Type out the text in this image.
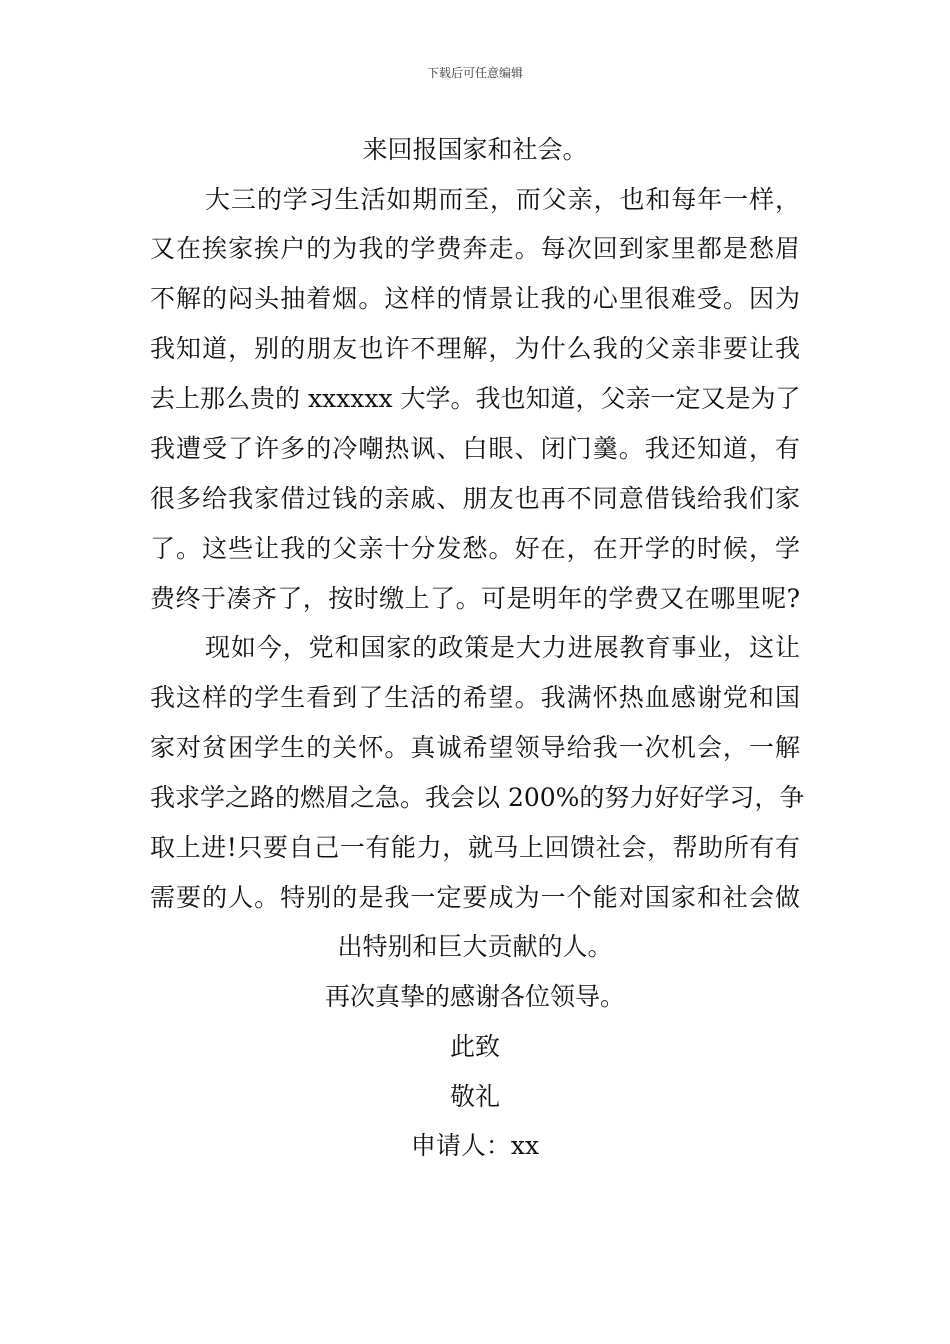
下载后可任意编辑
来回报国家和社会。
大三的学习生活如期而至，而父亲，也和每年一样，
又在挨家挨户的为我的学费奔走。每次回到家里都是愁眉
不解的闷头抽着烟。这样的情景让我的心里很难受。因为
我知道，别的朋友也许不理解，为什么我的父亲非要让我
去上那么贵的 xxxxxx 大学。我也知道，父亲一定又是为了
我遭受了许多的冷嘲热讽、白眼、闭门羹。我还知道，有
很多给我家借过钱的亲戚、朋友也再不同意借钱给我们家
了。这些让我的父亲十分发愁。好在，在开学的时候，学
费终于凑齐了，按时缴上了。可是明年的学费又在哪里呢?
现如今，党和国家的政策是大力进展教育事业，这让
我这样的学生看到了生活的希望。我满怀热血感谢党和国
家对贫困学生的关怀。真诚希望领导给我一次机会，一解
我求学之路的燃眉之急。我会以 200%的努力好好学习，争
取上进!只要自己一有能力，就马上回馈社会，帮助所有有
需要的人。特别的是我一定要成为一个能对国家和社会做
出特别和巨大贡献的人。
再次真挚的感谢各位领导。
此致
敬礼
申请人：xx
